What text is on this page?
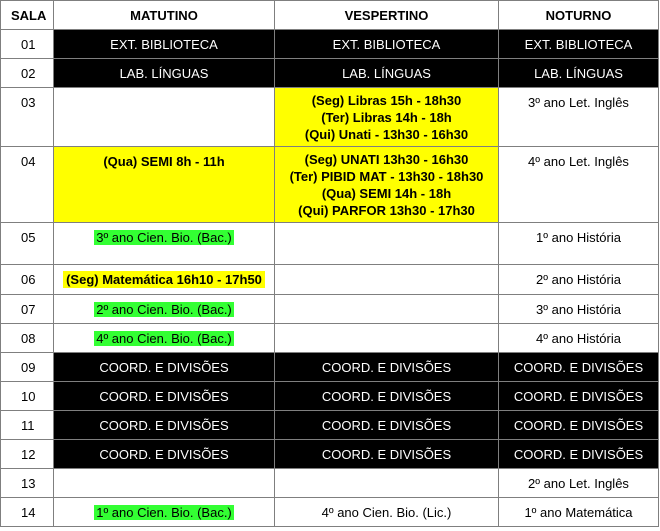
SALA	MATUTINO	VESPERTINO	NOTURNO
01	EXT. BIBLIOTECA	EXT. BIBLIOTECA	EXT. BIBLIOTECA
02	LAB. LÍNGUAS	LAB. LÍNGUAS	LAB. LÍNGUAS
03		(Seg) Libras 15h - 18h30
(Ter) Libras 14h - 18h
(Qui) Unati - 13h30 - 16h30	3º ano Let. Inglês
04	(Qua) SEMI 8h - 11h	(Seg) UNATI 13h30 - 16h30
(Ter) PIBID MAT - 13h30 - 18h30
(Qua) SEMI 14h - 18h
(Qui) PARFOR 13h30 - 17h30	4º ano Let. Inglês
05	3º ano Cien. Bio. (Bac.)		1º ano História
06	(Seg) Matemática 16h10 - 17h50		2º ano História
07	2º ano Cien. Bio. (Bac.)		3º ano História
08	4º ano Cien. Bio. (Bac.)		4º ano História
09	COORD. E DIVISÕES	COORD. E DIVISÕES	COORD. E DIVISÕES
10	COORD. E DIVISÕES	COORD. E DIVISÕES	COORD. E DIVISÕES
11	COORD. E DIVISÕES	COORD. E DIVISÕES	COORD. E DIVISÕES
12	COORD. E DIVISÕES	COORD. E DIVISÕES	COORD. E DIVISÕES
13			2º ano Let. Inglês
14	1º ano Cien. Bio. (Bac.)	4º ano Cien. Bio. (Lic.)	1º ano Matemática
